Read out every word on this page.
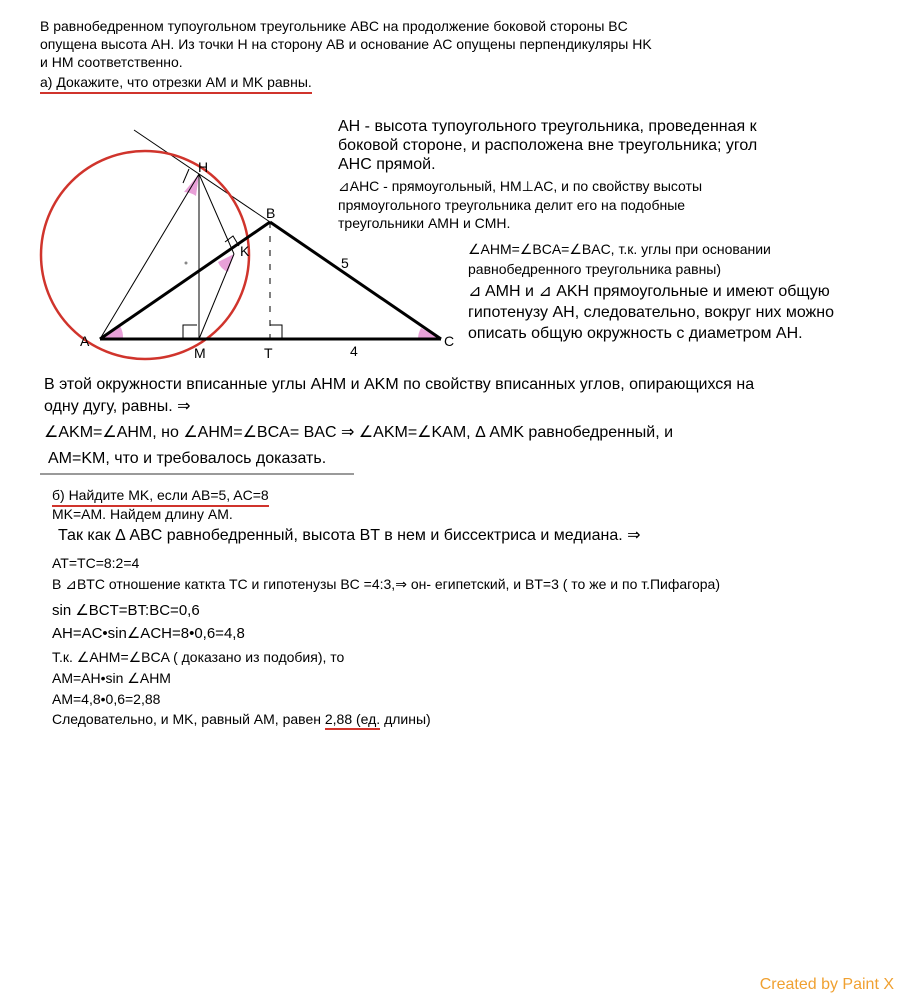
В равнобедренном тупоугольном треугольнике ABC на продолжение боковой стороны BC
опущена высота AH. Из точки H на сторону AB и основание AC опущены перпендикуляры HK
и HM соответственно.
а) Докажите, что отрезки AM и MK равны.
A
M	T
C
B
K
H
5
4
AH - высота тупоугольного треугольника, проведенная к
боковой стороне, и расположена вне треугольника; угол
AHC прямой.
⊿AHC - прямоугольный, HM⊥AC, и по свойству высоты
прямоугольного треугольника делит его на подобные
треугольники AMH и CMH.
∠AHM=∠BCA=∠BAC, т.к. углы при основании
равнобедренного треугольника равны)
⊿ AMH и ⊿ AKH прямоугольные и имеют общую
гипотенузу AH, следовательно, вокруг них можно
описать общую окружность с диаметром AH.
В этой окружности вписанные углы AHM и AKM по свойству вписанных углов, опирающихся на
одну дугу, равны. ⇒
∠AKM=∠AHM, но ∠AHM=∠BCA= BAC ⇒ ∠AKM=∠KAM, Δ AMK равнобедренный, и
AM=KM, что и требовалось доказать.
б) Найдите MK, если AB=5, AC=8
MK=AM. Найдем длину AM.
Так как Δ ABC равнобедренный, высота BT в нем и биссектриса и медиана. ⇒
AT=TC=8:2=4
В ⊿BTC отношение катктa TC и гипотенузы BC =4:3,⇒ он- египетский, и BT=3 ( то же и по т.Пифагора)
sin ∠BCT=BT:BC=0,6
AH=AC•sin∠ACH=8•0,6=4,8
Т.к. ∠AHM=∠BCA ( доказано из подобия), то
AM=AH•sin ∠AHM
AM=4,8•0,6=2,88
Следовательно, и MK, равный AM, равен 2,88 (ед. длины)
Created by Paint X
